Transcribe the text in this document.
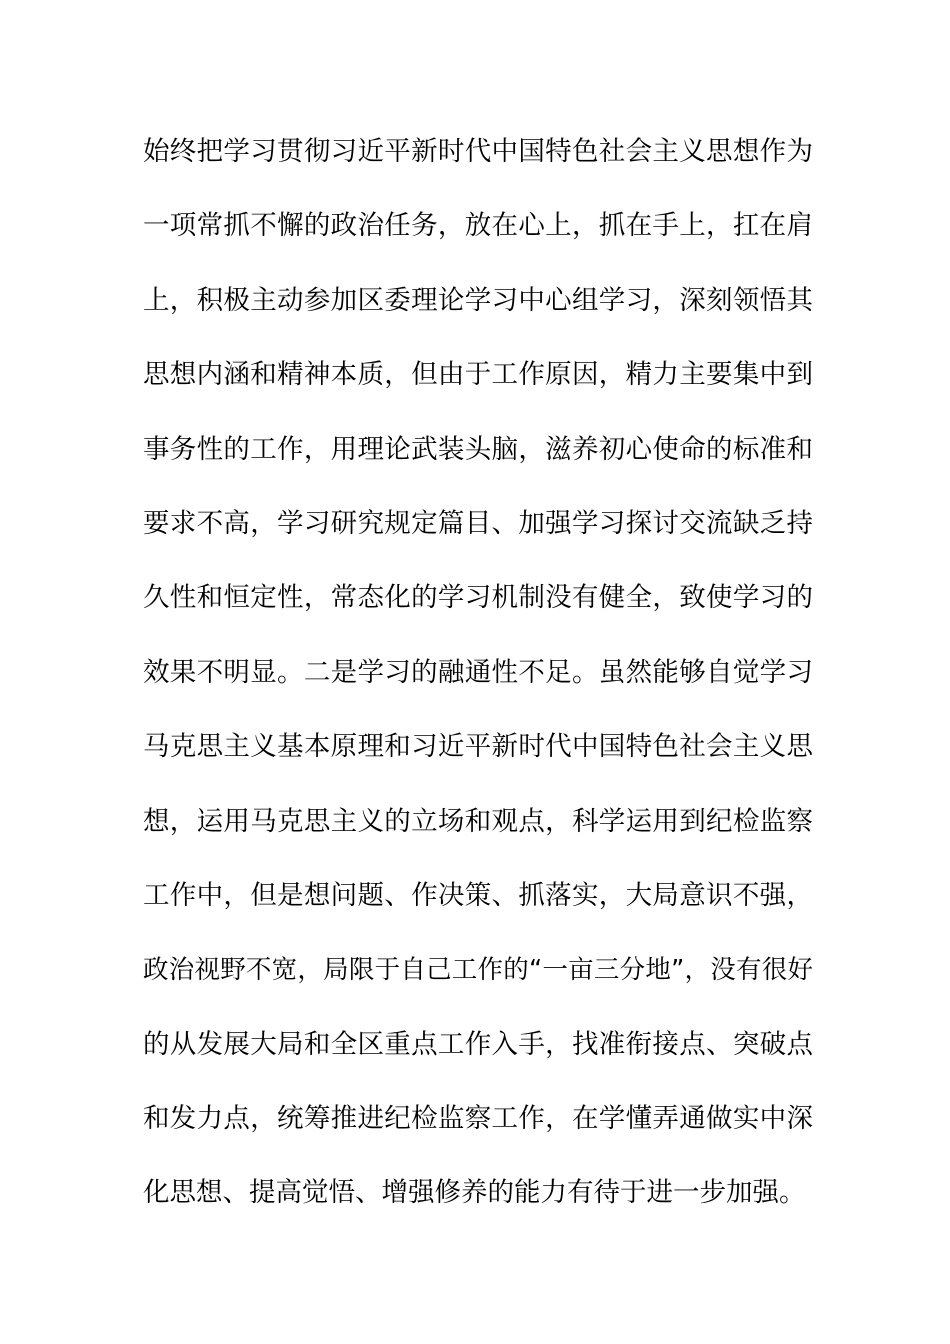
始终把学习贯彻习近平新时代中国特色社会主义思想作为
一项常抓不懈的政治任务，放在心上，抓在手上，扛在肩
上，积极主动参加区委理论学习中心组学习，深刻领悟其
思想内涵和精神本质，但由于工作原因，精力主要集中到
事务性的工作，用理论武装头脑，滋养初心使命的标准和
要求不高，学习研究规定篇目、加强学习探讨交流缺乏持
久性和恒定性，常态化的学习机制没有健全，致使学习的
效果不明显。二是学习的融通性不足。虽然能够自觉学习
马克思主义基本原理和习近平新时代中国特色社会主义思
想，运用马克思主义的立场和观点，科学运用到纪检监察
工作中，但是想问题、作决策、抓落实，大局意识不强，
政治视野不宽，局限于自己工作的“一亩三分地”，没有很好
的从发展大局和全区重点工作入手，找准衔接点、突破点
和发力点，统筹推进纪检监察工作，在学懂弄通做实中深
化思想、提高觉悟、增强修养的能力有待于进一步加强。
